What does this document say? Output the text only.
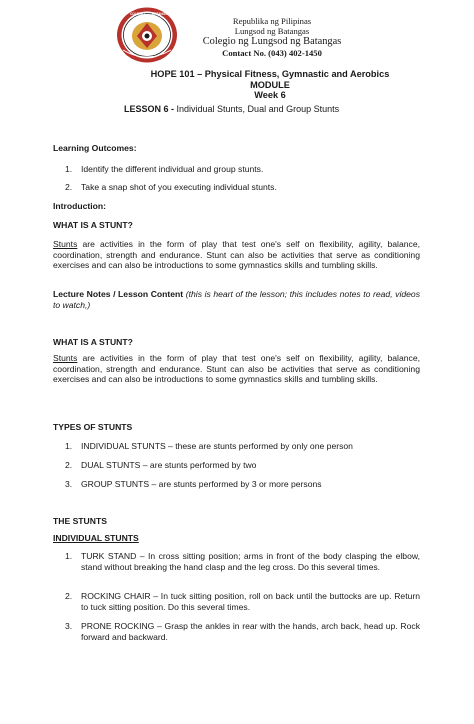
COLEGIO BATANGAS
Republika ng Pilipinas
Lungsod ng Batangas
Colegio ng Lungsod ng Batangas
Contact No. (043) 402-1450
HOPE 101 – Physical Fitness, Gymnastic and Aerobics
MODULE
Week 6
LESSON 6 - Individual Stunts, Dual and Group Stunts
Learning Outcomes:
1. Identify the different individual and group stunts.
2. Take a snap shot of you executing individual stunts.
Introduction:
WHAT IS A STUNT?
Stunts are activities in the form of play that test one's self on flexibility, agility, balance, coordination, strength and endurance. Stunt can also be activities that serve as conditioning exercises and can also be introductions to some gymnastics skills and tumbling skills.
Lecture Notes / Lesson Content (this is heart of the lesson; this includes notes to read, videos to watch,)
WHAT IS A STUNT?
Stunts are activities in the form of play that test one's self on flexibility, agility, balance, coordination, strength and endurance. Stunt can also be activities that serve as conditioning exercises and can also be introductions to some gymnastics skills and tumbling skills.
TYPES OF STUNTS
1. INDIVIDUAL STUNTS – these are stunts performed by only one person
2. DUAL STUNTS – are stunts performed by two
3. GROUP STUNTS – are stunts performed by 3 or more persons
THE STUNTS
INDIVIDUAL STUNTS
1. TURK STAND – In cross sitting position; arms in front of the body clasping the elbow, stand without breaking the hand clasp and the leg cross. Do this several times.
2. ROCKING CHAIR – In tuck sitting position, roll on back until the buttocks are up. Return to tuck sitting position. Do this several times.
3. PRONE ROCKING – Grasp the ankles in rear with the hands, arch back, head up. Rock forward and backward.
